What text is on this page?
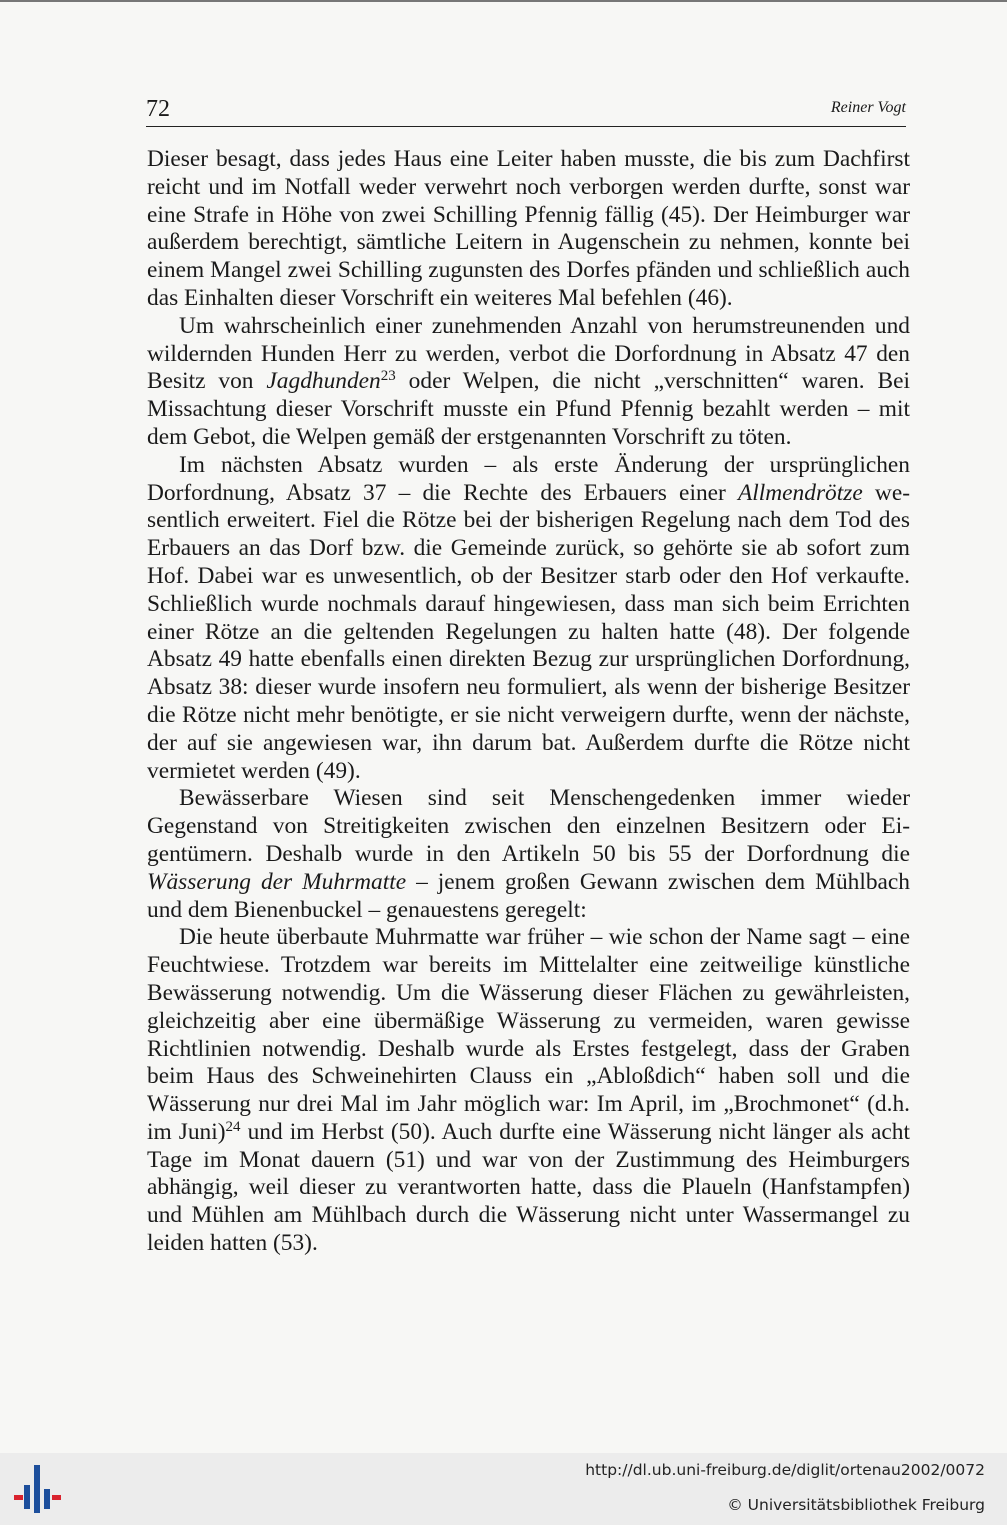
72	Reiner Vogt

Dieser besagt, dass jedes Haus eine Leiter haben musste, die bis zum Dachfirst reicht und im Notfall weder verwehrt noch verborgen werden durfte, sonst war eine Strafe in Höhe von zwei Schilling Pfennig fällig (45). Der Heimburger war außerdem berechtigt, sämtliche Leitern in Augenschein zu nehmen, konnte bei einem Mangel zwei Schilling zugunsten des Dorfes pfänden und schließlich auch das Einhalten dieser Vorschrift ein weiteres Mal befehlen (46).

Um wahrscheinlich einer zunehmenden Anzahl von herumstreunenden und wildernden Hunden Herr zu werden, verbot die Dorfordnung in Absatz 47 den Besitz von Jagdhunden$^{23}$ oder Welpen, die nicht „verschnitten“ waren. Bei Missachtung dieser Vorschrift musste ein Pfund Pfennig bezahlt werden – mit dem Gebot, die Welpen gemäß der erstgenannten Vorschrift zu töten.

Im nächsten Absatz wurden – als erste Änderung der ursprünglichen Dorfordnung, Absatz 37 – die Rechte des Erbauers einer Allmendrötze wesentlich erweitert. Fiel die Rötze bei der bisherigen Regelung nach dem Tod des Erbauers an das Dorf bzw. die Gemeinde zurück, so gehörte sie ab sofort zum Hof. Dabei war es unwesentlich, ob der Besitzer starb oder den Hof verkaufte. Schließlich wurde nochmals darauf hingewiesen, dass man sich beim Errichten einer Rötze an die geltenden Regelungen zu halten hatte (48). Der folgende Absatz 49 hatte ebenfalls einen direkten Bezug zur ursprünglichen Dorfordnung, Absatz 38: dieser wurde insofern neu formuliert, als wenn der bisherige Besitzer die Rötze nicht mehr benötigte, er sie nicht verweigern durfte, wenn der nächste, der auf sie angewiesen war, ihn darum bat. Außerdem durfte die Rötze nicht vermietet werden (49).

Bewässerbare Wiesen sind seit Menschengedenken immer wieder Gegenstand von Streitigkeiten zwischen den einzelnen Besitzern oder Eigentümern. Deshalb wurde in den Artikeln 50 bis 55 der Dorfordnung die Wässerung der Muhrmatte – jenem großen Gewann zwischen dem Mühlbach und dem Bienenbuckel – genauestens geregelt:

Die heute überbaute Muhrmatte war früher – wie schon der Name sagt – eine Feuchtwiese. Trotzdem war bereits im Mittelalter eine zeitweilige künstliche Bewässerung notwendig. Um die Wässerung dieser Flächen zu gewährleisten, gleichzeitig aber eine übermäßige Wässerung zu vermeiden, waren gewisse Richtlinien notwendig. Deshalb wurde als Erstes festgelegt, dass der Graben beim Haus des Schweinehirten Clauss ein „Abloßdich“ haben soll und die Wässerung nur drei Mal im Jahr möglich war: Im April, im „Brochmonet“ (d.h. im Juni)$^{24}$ und im Herbst (50). Auch durfte eine Wässerung nicht länger als acht Tage im Monat dauern (51) und war von der Zustimmung des Heimburgers abhängig, weil dieser zu verantworten hatte, dass die Plaueln (Hanfstampfen) und Mühlen am Mühlbach durch die Wässerung nicht unter Wassermangel zu leiden hatten (53).

http://dl.ub.uni-freiburg.de/diglit/ortenau2002/0072
© Universitätsbibliothek Freiburg
